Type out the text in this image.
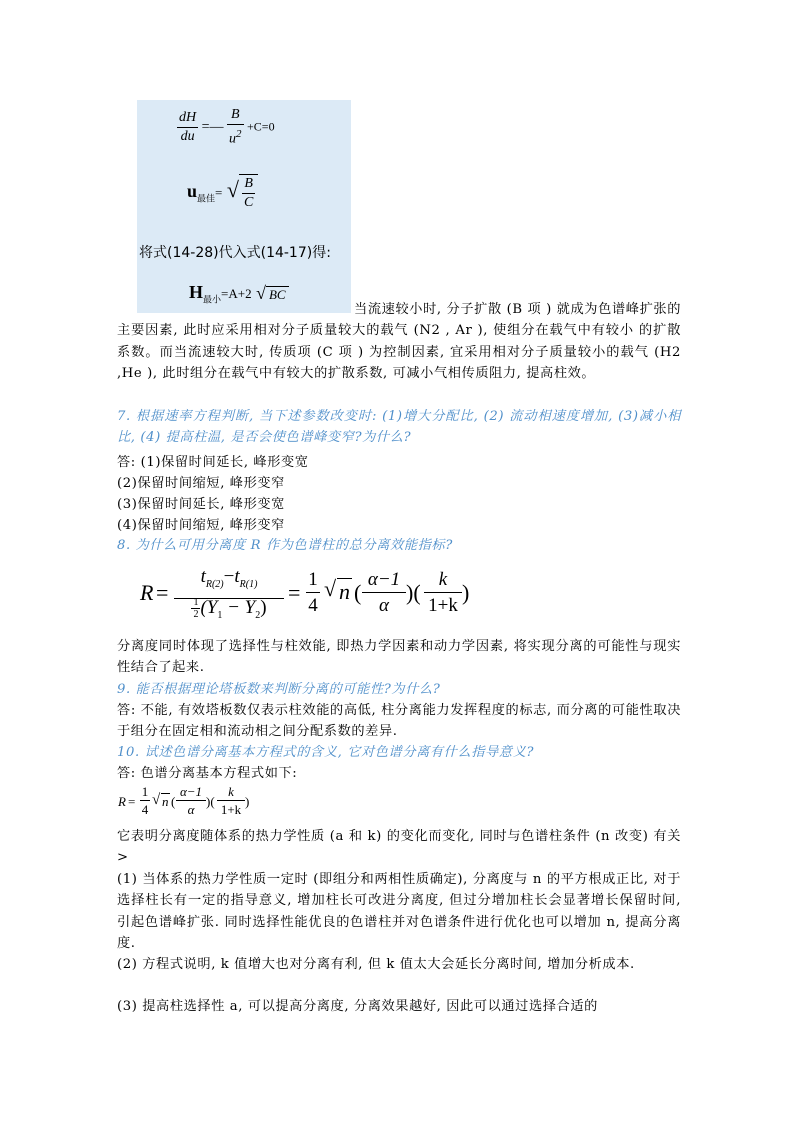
$\frac{dH}{du}$ =— $\frac{B}{u^2} +C=0$
$u_{最佳}=$ √ $\frac{B}{C}$
将式(14-28)代入式(14-17)得:
$H_{最小}=A+2$ √ BC
当流速较小时, 分子扩散 (B 项 ) 就成为色谱峰扩张的主要因素, 此时应采用相对分子质量较大的载气 (N2 , Ar ), 使组分在载气中有较小 的扩散系数。而当流速较大时, 传质项 (C 项 ) 为控制因素, 宜采用相对分子质量较小的载气 (H2 ,He ), 此时组分在载气中有较大的扩散系数, 可减小气相传质阻力, 提高柱效。
7. 根据速率方程判断, 当下述参数改变时: (1)增大分配比, (2) 流动相速度增加, (3)减小相比, (4) 提高柱温, 是否会使色谱峰变窄?为什么?
答: (1)保留时间延长, 峰形变宽
(2)保留时间缩短, 峰形变窄
(3)保留时间延长, 峰形变宽
(4)保留时间缩短, 峰形变窄
8. 为什么可用分离度 R 作为色谱柱的总分离效能指标?
R =
$t_{R(2)}-t_{R(1)}$
$\frac{1}{2} (Y_1 - Y_2)$
=
1
4
√ n (
α−1
α
)(
k
1+k
)
分离度同时体现了选择性与柱效能, 即热力学因素和动力学因素, 将实现分离的可能性与现实性结合了起来.
9. 能否根据理论塔板数来判断分离的可能性?为什么?
答: 不能, 有效塔板数仅表示柱效能的高低, 柱分离能力发挥程度的标志, 而分离的可能性取决于组分在固定相和流动相之间分配系数的差异.
10. 试述色谱分离基本方程式的含义, 它对色谱分离有什么指导意义?
答: 色谱分离基本方程式如下:
R =
1
4
√ n (
α−1
α
)(
k
1+k
)
它表明分离度随体系的热力学性质 (a 和 k) 的变化而变化, 同时与色谱柱条件 (n 改变) 有关>
(1) 当体系的热力学性质一定时 (即组分和两相性质确定), 分离度与 n 的平方根成正比, 对于选择柱长有一定的指导意义, 增加柱长可改进分离度, 但过分增加柱长会显著增长保留时间, 引起色谱峰扩张. 同时选择性能优良的色谱柱并对色谱条件进行优化也可以增加 n, 提高分离度.
(2) 方程式说明, k 值增大也对分离有利, 但 k 值太大会延长分离时间, 增加分析成本.
(3) 提高柱选择性 a, 可以提高分离度, 分离效果越好, 因此可以通过选择合适的
